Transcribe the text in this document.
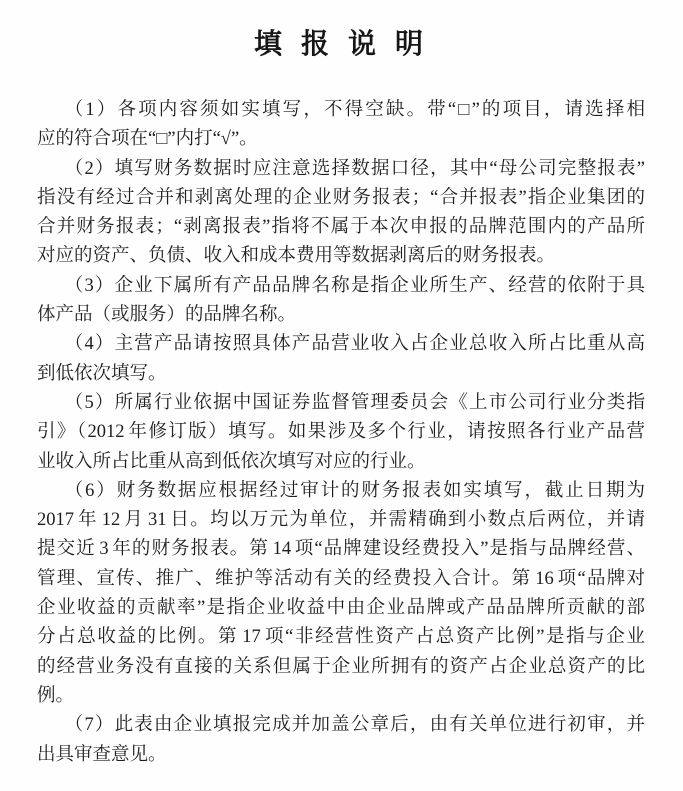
填 报 说 明
（1）各项内容须如实填写，不得空缺。带“□”的项目，请选择相
应的符合项在“□”内打“√”。
（2）填写财务数据时应注意选择数据口径，其中“母公司完整报表”
指没有经过合并和剥离处理的企业财务报表；“合并报表”指企业集团的
合并财务报表；“剥离报表”指将不属于本次申报的品牌范围内的产品所
对应的资产、负债、收入和成本费用等数据剥离后的财务报表。
（3）企业下属所有产品品牌名称是指企业所生产、经营的依附于具
体产品（或服务）的品牌名称。
（4）主营产品请按照具体产品营业收入占企业总收入所占比重从高
到低依次填写。
（5）所属行业依据中国证券监督管理委员会《上市公司行业分类指
引》（2012 年修订版）填写。如果涉及多个行业，请按照各行业产品营
业收入所占比重从高到低依次填写对应的行业。
（6）财务数据应根据经过审计的财务报表如实填写，截止日期为
2017 年 12 月 31 日。均以万元为单位，并需精确到小数点后两位，并请
提交近 3 年的财务报表。第 14 项“品牌建设经费投入”是指与品牌经营、
管理、宣传、推广、维护等活动有关的经费投入合计。第 16 项“品牌对
企业收益的贡献率”是指企业收益中由企业品牌或产品品牌所贡献的部
分占总收益的比例。第 17 项“非经营性资产占总资产比例”是指与企业
的经营业务没有直接的关系但属于企业所拥有的资产占企业总资产的比
例。
（7）此表由企业填报完成并加盖公章后，由有关单位进行初审，并
出具审查意见。
